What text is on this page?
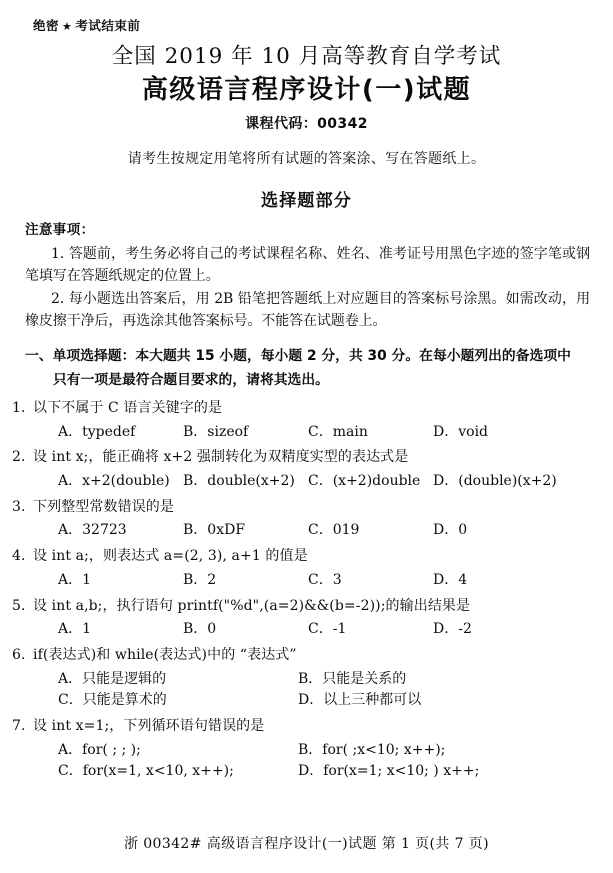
绝密 ★ 考试结束前
全国 2019 年 10 月高等教育自学考试
高级语言程序设计(一)试题
课程代码：00342
请考生按规定用笔将所有试题的答案涂、写在答题纸上。
选择题部分
注意事项：
1. 答题前，考生务必将自己的考试课程名称、姓名、准考证号用黑色字迹的签字笔或钢笔填写在答题纸规定的位置上。
2. 每小题选出答案后，用 2B 铅笔把答题纸上对应题目的答案标号涂黑。如需改动，用橡皮擦干净后，再选涂其他答案标号。不能答在试题卷上。
一、单项选择题：本大题共 15 小题，每小题 2 分，共 30 分。在每小题列出的备选项中
只有一项是最符合题目要求的，请将其选出。
1. 以下不属于 C 语言关键字的是
A．typedef	B．sizeof	C．main	D．void
2. 设 int x;，能正确将 x+2 强制转化为双精度实型的表达式是
A．x+2(double) B．double(x+2) C．(x+2)double D．(double)(x+2)
3. 下列整型常数错误的是
A．32723	B．0xDF	C．019	D．0
4. 设 int a;，则表达式 a=(2, 3), a+1 的值是
A．1	B．2	C．3	D．4
5. 设 int a,b;，执行语句 printf("%d",(a=2)&&(b=-2));的输出结果是
A．1	B．0	C．-1	D．-2
6. if(表达式)和 while(表达式)中的 “表达式”
A．只能是逻辑的	B．只能是关系的
C．只能是算术的	D．以上三种都可以
7. 设 int x=1;，下列循环语句错误的是
A．for( ; ; );	B．for( ;x<10; x++);
C．for(x=1, x<10, x++);	D．for(x=1; x<10; ) x++;
浙 00342# 高级语言程序设计(一)试题 第 1 页(共 7 页)
